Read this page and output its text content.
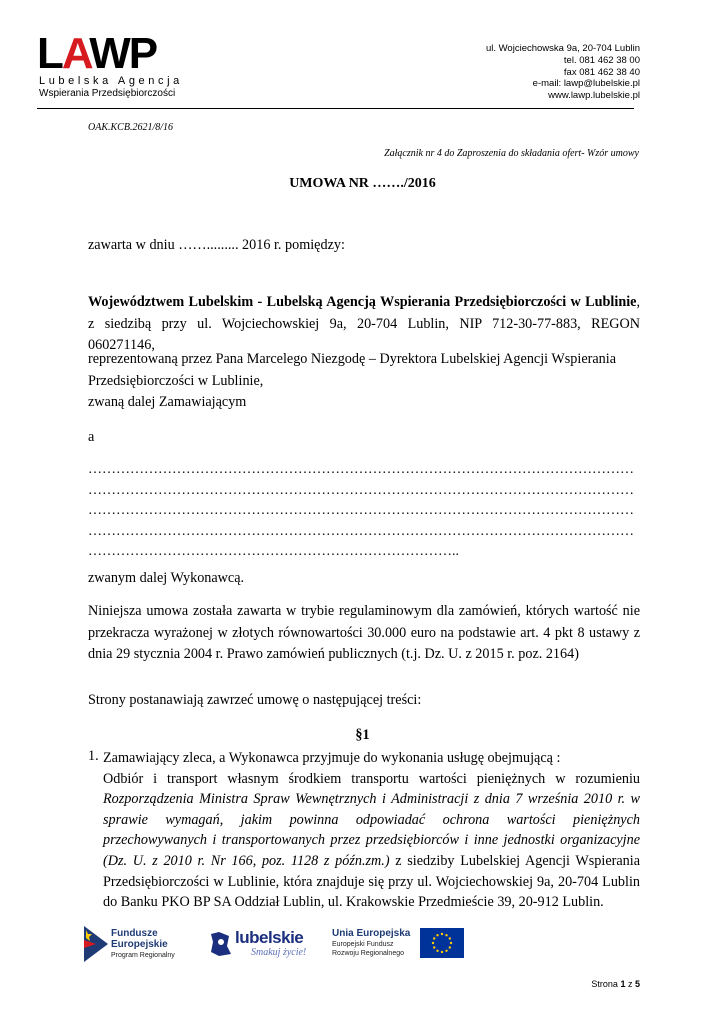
LAWP
Lubelska Agencja
Wspierania Przedsiębiorczości
ul. Wojciechowska 9a, 20-704 Lublin
tel. 081 462 38 00
fax 081 462 38 40
e-mail: lawp@lubelskie.pl
www.lawp.lubelskie.pl
OAK.KCB.2621/8/16
Załącznik nr 4 do Zaproszenia do składania ofert- Wzór umowy
UMOWA NR ……./2016
zawarta w dniu ……......... 2016 r. pomiędzy:
Województwem Lubelskim - Lubelską Agencją Wspierania Przedsiębiorczości w Lublinie, z siedzibą przy ul. Wojciechowskiej 9a, 20-704 Lublin, NIP 712-30-77-883, REGON 060271146,
reprezentowaną przez Pana Marcelego Niezgodę – Dyrektora Lubelskiej Agencji Wspierania Przedsiębiorczości w Lublinie,
zwaną dalej Zamawiającym
a
………………………………………………………………………………………………………
………………………………………………………………………………………………………
………………………………………………………………………………………………………
………………………………………………………………………………………………………
……………………………………………………………………..
zwanym dalej Wykonawcą.
Niniejsza umowa została zawarta w trybie regulaminowym dla zamówień, których wartość nie przekracza wyrażonej w złotych równowartości 30.000 euro na podstawie art. 4 pkt 8 ustawy z dnia 29 stycznia 2004 r. Prawo zamówień publicznych (t.j. Dz. U. z 2015 r. poz. 2164)
Strony postanawiają zawrzeć umowę o następującej treści:
§1
1. Zamawiający zleca, a Wykonawca przyjmuje do wykonania usługę obejmującą :
Odbiór i transport własnym środkiem transportu wartości pieniężnych w rozumieniu Rozporządzenia Ministra Spraw Wewnętrznych i Administracji z dnia 7 września 2010 r. w sprawie wymagań, jakim powinna odpowiadać ochrona wartości pieniężnych przechowywanych i transportowanych przez przedsiębiorców i inne jednostki organizacyjne (Dz. U. z 2010 r. Nr 166, poz. 1128 z późn.zm.) z siedziby Lubelskiej Agencji Wspierania Przedsiębiorczości w Lublinie, która znajduje się przy ul. Wojciechowskiej 9a, 20-704 Lublin do Banku PKO BP SA Oddział Lublin, ul. Krakowskie Przedmieście 39, 20-912 Lublin.
Fundusze
Europejskie
Program Regionalny
lubelskie
Smakuj życie!
Unia Europejska
Europejski Fundusz
Rozwoju Regionalnego
Strona 1 z 5
